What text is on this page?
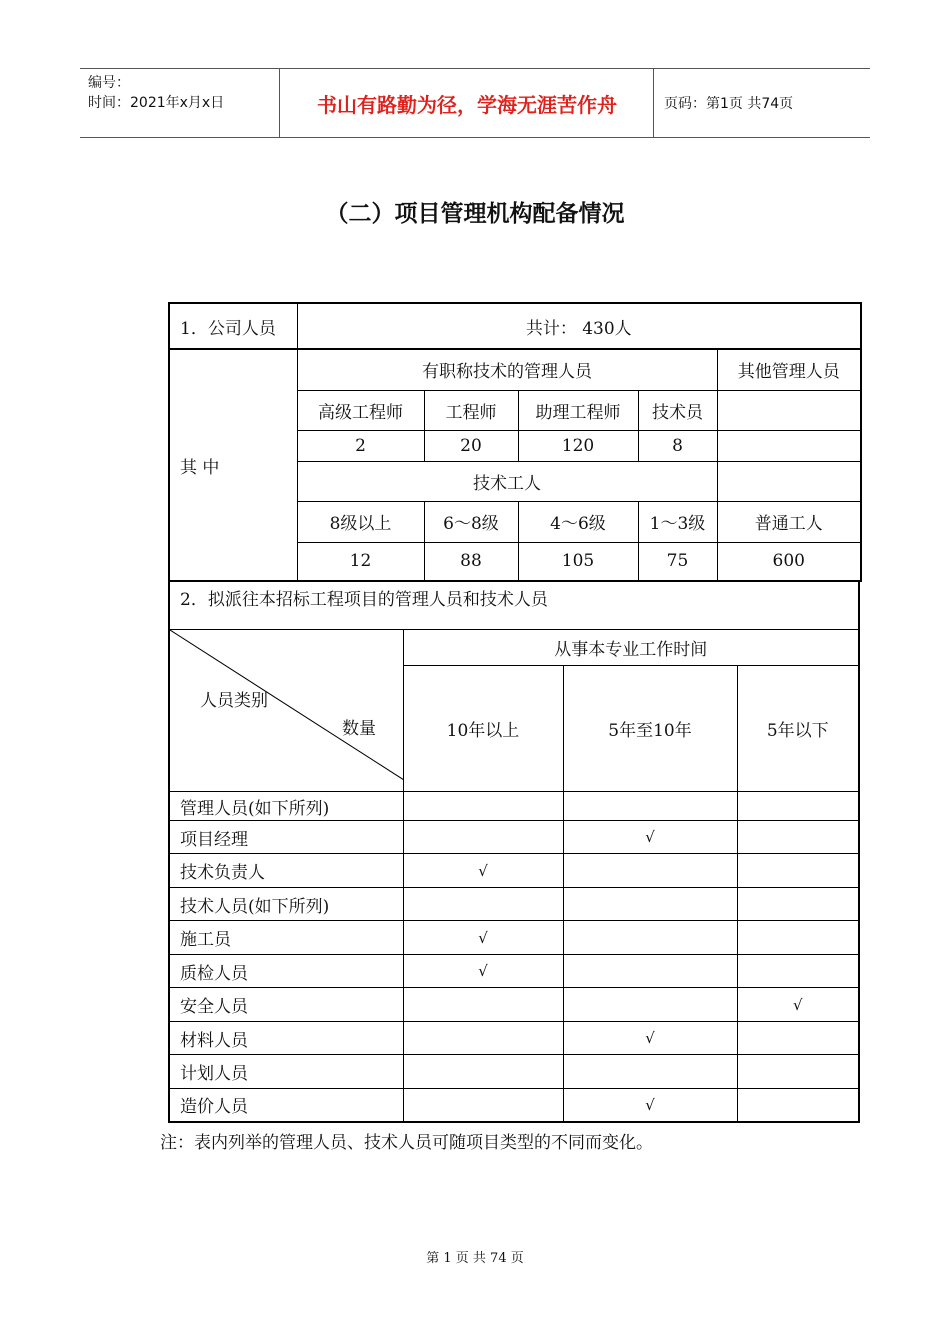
编号：
时间：2021年x月x日	书山有路勤为径，学海无涯苦作舟	页码：第1页 共74页
（二）项目管理机构配备情况
1．公司人员	共计： 430人				
其 中	有职称技术的管理人员				其他管理人员
	高级工程师	工程师	助理工程师	技术员	
	2	20	120	8	
	技术工人				
	8级以上	6～8级	4～6级	1～3级	普通工人
	12	88	105	75	600
2．拟派往本招标工程项目的管理人员和技术人员			

人员类别
数量	从事本专业工作时间		
	10年以上	5年至10年	5年以下
管理人员(如下所列)			
项目经理		√	
技术负责人	√		
技术人员(如下所列)			
施工员	√		
质检人员	√		
安全人员			√
材料人员		√	
计划人员			
造价人员		√	
注：表内列举的管理人员、技术人员可随项目类型的不同而变化。
第 1 页 共 74 页
